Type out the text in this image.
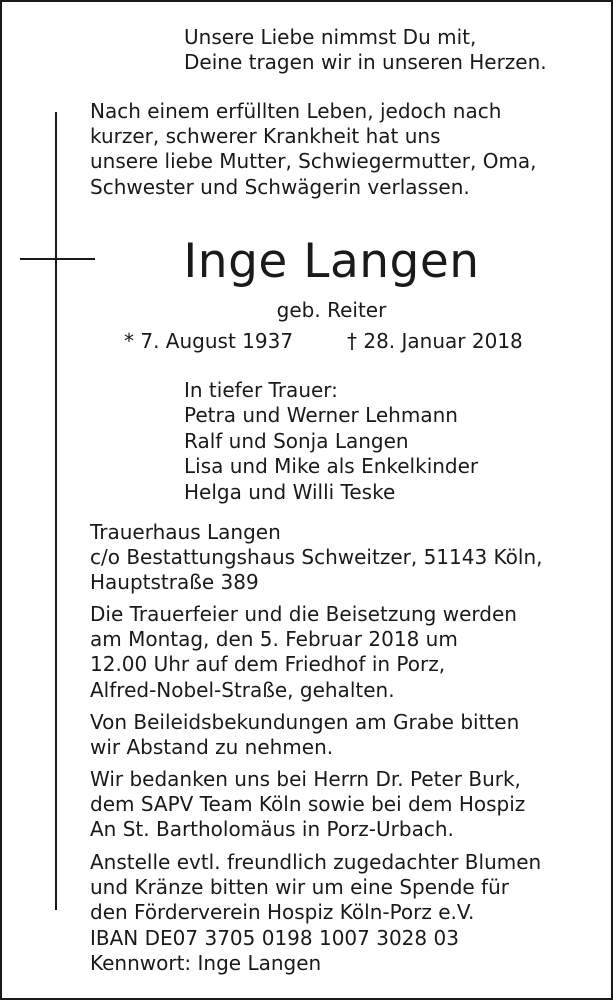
Unsere Liebe nimmst Du mit,
Deine tragen wir in unseren Herzen.
Nach einem erfüllten Leben, jedoch nach
kurzer, schwerer Krankheit hat uns
unsere liebe Mutter, Schwiegermutter, Oma,
Schwester und Schwägerin verlassen.
Inge Langen
geb. Reiter
* 7. August 1937	† 28. Januar 2018
In tiefer Trauer:
Petra und Werner Lehmann
Ralf und Sonja Langen
Lisa und Mike als Enkelkinder
Helga und Willi Teske
Trauerhaus Langen
c/o Bestattungshaus Schweitzer, 51143 Köln,
Hauptstraße 389
Die Trauerfeier und die Beisetzung werden
am Montag, den 5. Februar 2018 um
12.00 Uhr auf dem Friedhof in Porz,
Alfred-Nobel-Straße, gehalten.
Von Beileidsbekundungen am Grabe bitten
wir Abstand zu nehmen.
Wir bedanken uns bei Herrn Dr. Peter Burk,
dem SAPV Team Köln sowie bei dem Hospiz
An St. Bartholomäus in Porz-Urbach.
Anstelle evtl. freundlich zugedachter Blumen
und Kränze bitten wir um eine Spende für
den Förderverein Hospiz Köln-Porz e.V.
IBAN DE07 3705 0198 1007 3028 03
Kennwort: Inge Langen
